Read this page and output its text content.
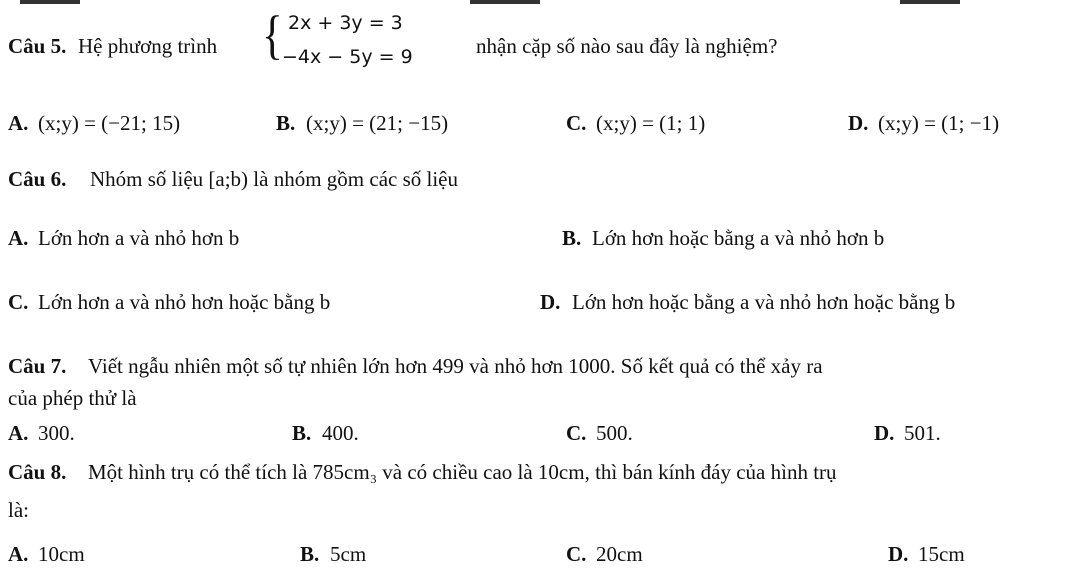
Câu 5. Hệ phương trình { 2x + 3y = 3
−4x − 5y = 9	nhận cặp số nào sau đây là nghiệm?
A. (x;y) = (−21; 15)	B. (x;y) = (21; −15)	C. (x;y) = (1; 1)	D. (x;y) = (1; −1)
Câu 6. Nhóm số liệu [a;b) là nhóm gồm các số liệu
A. Lớn hơn a và nhỏ hơn b	B. Lớn hơn hoặc bằng a và nhỏ hơn b
C. Lớn hơn a và nhỏ hơn hoặc bằng b	D. Lớn hơn hoặc bằng a và nhỏ hơn hoặc bằng b
Câu 7. Viết ngẫu nhiên một số tự nhiên lớn hơn 499 và nhỏ hơn 1000. Số kết quả có thể xảy ra
của phép thử là
A. 300.	B. 400.	C. 500.	D. 501.
Câu 8. Một hình trụ có thể tích là 785cm₃ và có chiều cao là 10cm, thì bán kính đáy của hình trụ
là:
A. 10cm	B. 5cm	C. 20cm	D. 15cm
